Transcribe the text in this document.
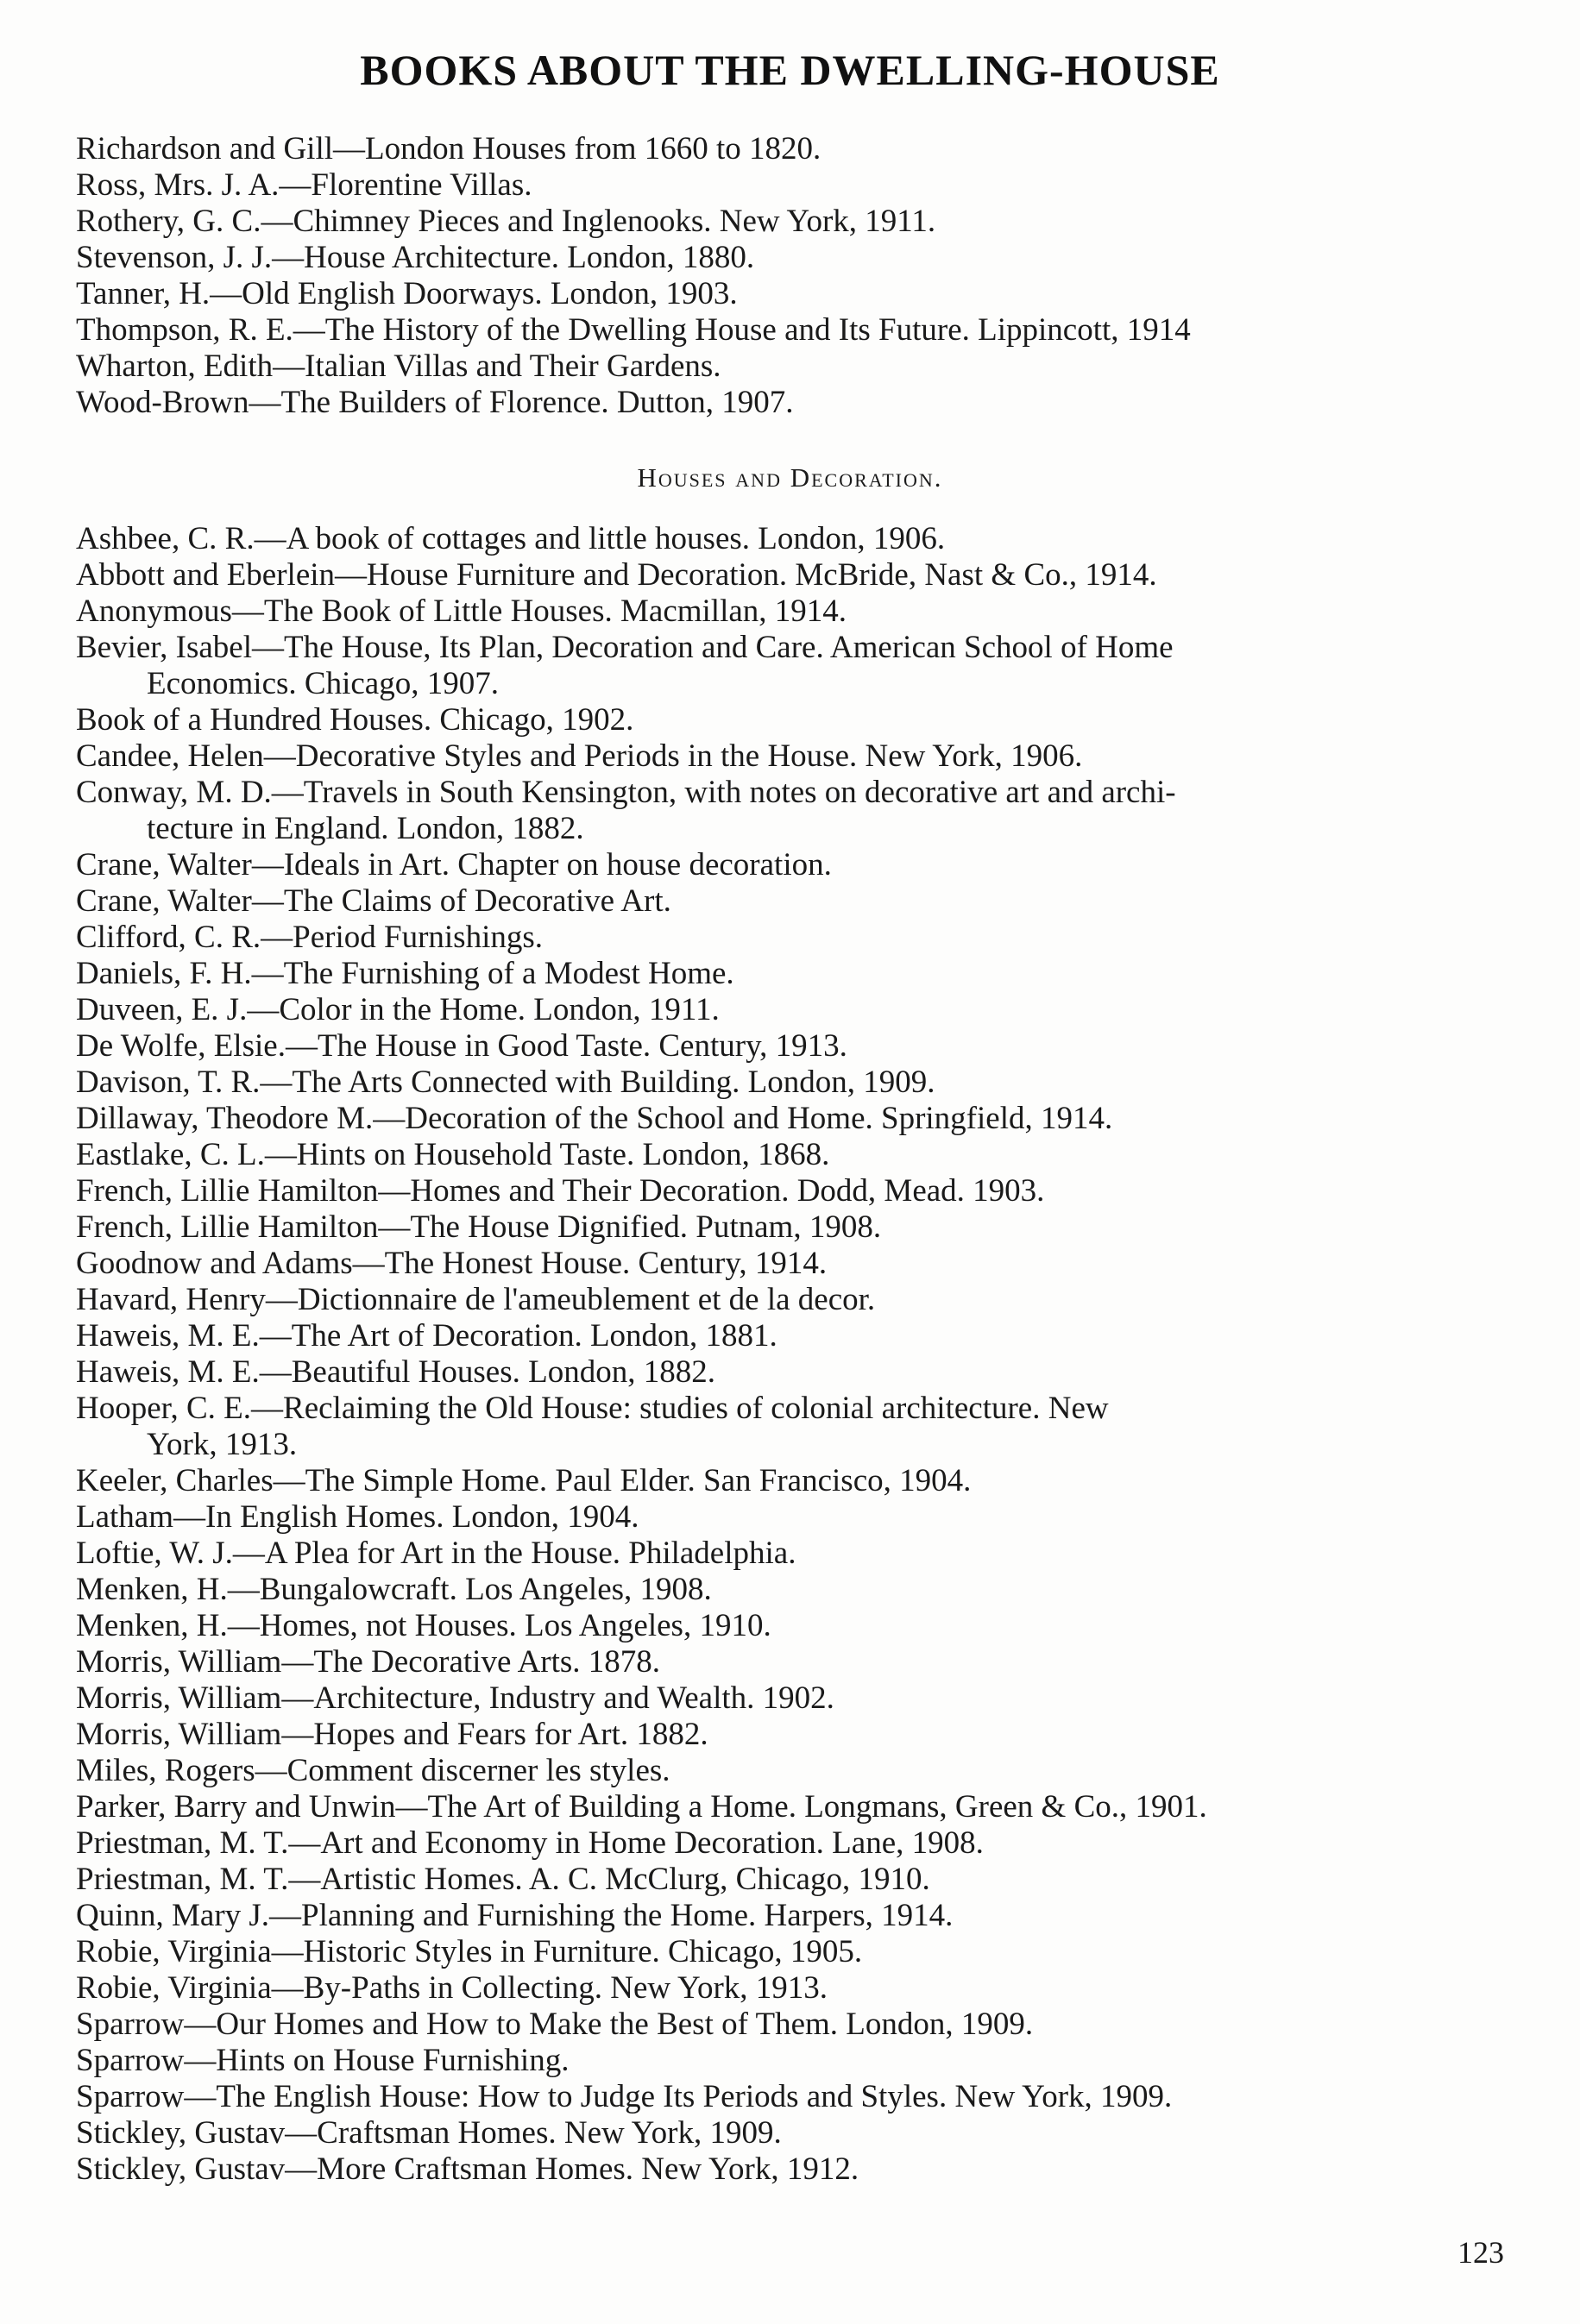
BOOKS ABOUT THE DWELLING-HOUSE
Richardson and Gill—London Houses from 1660 to 1820.
Ross, Mrs. J. A.—Florentine Villas.
Rothery, G. C.—Chimney Pieces and Inglenooks. New York, 1911.
Stevenson, J. J.—House Architecture. London, 1880.
Tanner, H.—Old English Doorways. London, 1903.
Thompson, R. E.—The History of the Dwelling House and Its Future. Lippincott, 1914
Wharton, Edith—Italian Villas and Their Gardens.
Wood-Brown—The Builders of Florence. Dutton, 1907.
Houses and Decoration.
Ashbee, C. R.—A book of cottages and little houses. London, 1906.
Abbott and Eberlein—House Furniture and Decoration. McBride, Nast & Co., 1914.
Anonymous—The Book of Little Houses. Macmillan, 1914.
Bevier, Isabel—The House, Its Plan, Decoration and Care. American School of Home
Economics. Chicago, 1907.
Book of a Hundred Houses. Chicago, 1902.
Candee, Helen—Decorative Styles and Periods in the House. New York, 1906.
Conway, M. D.—Travels in South Kensington, with notes on decorative art and archi-
tecture in England. London, 1882.
Crane, Walter—Ideals in Art. Chapter on house decoration.
Crane, Walter—The Claims of Decorative Art.
Clifford, C. R.—Period Furnishings.
Daniels, F. H.—The Furnishing of a Modest Home.
Duveen, E. J.—Color in the Home. London, 1911.
De Wolfe, Elsie.—The House in Good Taste. Century, 1913.
Davison, T. R.—The Arts Connected with Building. London, 1909.
Dillaway, Theodore M.—Decoration of the School and Home. Springfield, 1914.
Eastlake, C. L.—Hints on Household Taste. London, 1868.
French, Lillie Hamilton—Homes and Their Decoration. Dodd, Mead. 1903.
French, Lillie Hamilton—The House Dignified. Putnam, 1908.
Goodnow and Adams—The Honest House. Century, 1914.
Havard, Henry—Dictionnaire de l'ameublement et de la decor.
Haweis, M. E.—The Art of Decoration. London, 1881.
Haweis, M. E.—Beautiful Houses. London, 1882.
Hooper, C. E.—Reclaiming the Old House: studies of colonial architecture. New
York, 1913.
Keeler, Charles—The Simple Home. Paul Elder. San Francisco, 1904.
Latham—In English Homes. London, 1904.
Loftie, W. J.—A Plea for Art in the House. Philadelphia.
Menken, H.—Bungalowcraft. Los Angeles, 1908.
Menken, H.—Homes, not Houses. Los Angeles, 1910.
Morris, William—The Decorative Arts. 1878.
Morris, William—Architecture, Industry and Wealth. 1902.
Morris, William—Hopes and Fears for Art. 1882.
Miles, Rogers—Comment discerner les styles.
Parker, Barry and Unwin—The Art of Building a Home. Longmans, Green & Co., 1901.
Priestman, M. T.—Art and Economy in Home Decoration. Lane, 1908.
Priestman, M. T.—Artistic Homes. A. C. McClurg, Chicago, 1910.
Quinn, Mary J.—Planning and Furnishing the Home. Harpers, 1914.
Robie, Virginia—Historic Styles in Furniture. Chicago, 1905.
Robie, Virginia—By-Paths in Collecting. New York, 1913.
Sparrow—Our Homes and How to Make the Best of Them. London, 1909.
Sparrow—Hints on House Furnishing.
Sparrow—The English House: How to Judge Its Periods and Styles. New York, 1909.
Stickley, Gustav—Craftsman Homes. New York, 1909.
Stickley, Gustav—More Craftsman Homes. New York, 1912.
123
